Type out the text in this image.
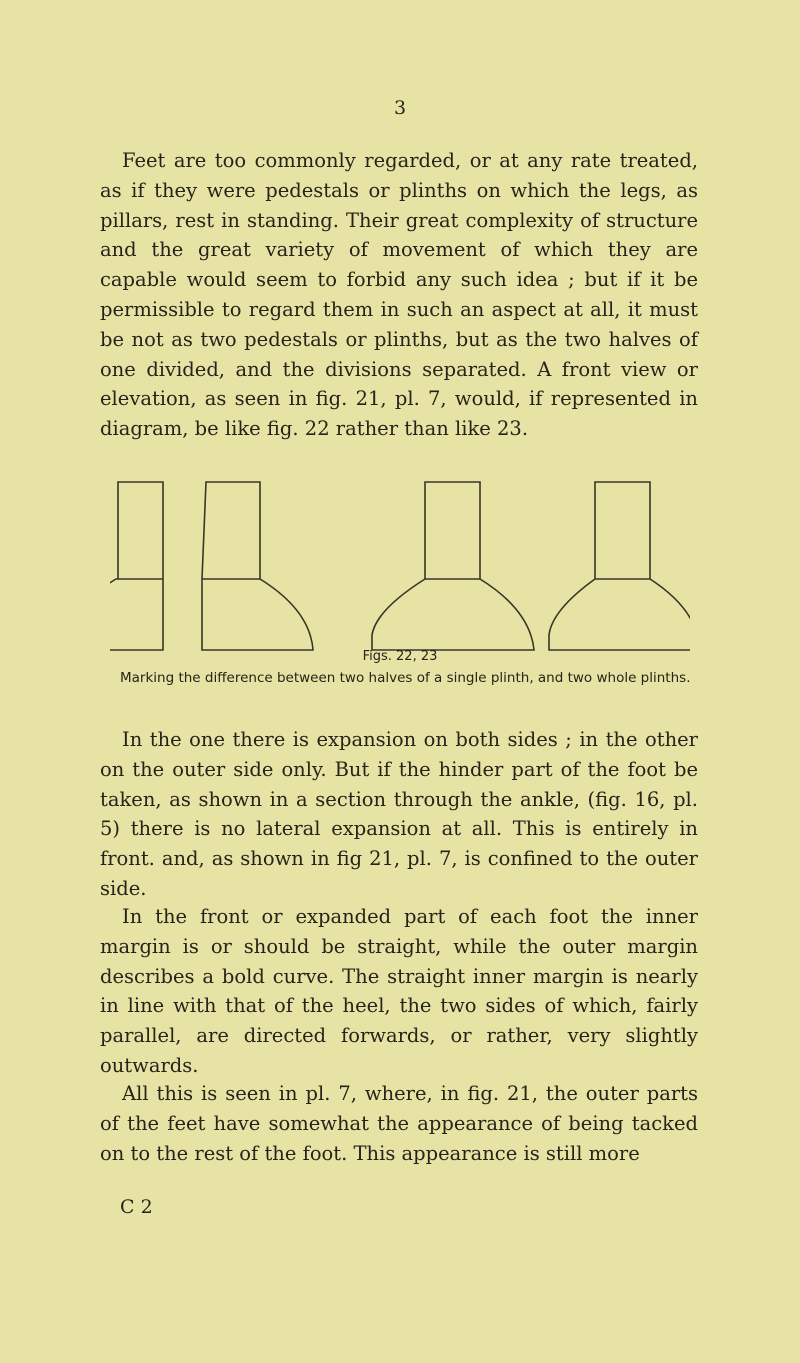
3

Feet are too commonly regarded, or at any rate treated, as if they were pedestals or plinths on which the legs, as pillars, rest in standing. Their great complexity of structure and the great variety of movement of which they are capable would seem to forbid any such idea ; but if it be permissible to regard them in such an aspect at all, it must be not as two pedestals or plinths, but as the two halves of one divided, and the divisions separated. A front view or elevation, as seen in fig. 21, pl. 7, would, if represented in diagram, be like fig. 22 rather than like 23.

Figs. 22, 23

Marking the difference between two halves of a single plinth, and two whole plinths.

In the one there is expansion on both sides ; in the other on the outer side only. But if the hinder part of the foot be taken, as shown in a section through the ankle, (fig. 16, pl. 5) there is no lateral expansion at all. This is entirely in front. and, as shown in fig 21, pl. 7, is confined to the outer side.

In the front or expanded part of each foot the inner margin is or should be straight, while the outer margin describes a bold curve. The straight inner margin is nearly in line with that of the heel, the two sides of which, fairly parallel, are directed forwards, or rather, very slightly outwards.

All this is seen in pl. 7, where, in fig. 21, the outer parts of the feet have somewhat the appearance of being tacked on to the rest of the foot. This appearance is still more

C 2
